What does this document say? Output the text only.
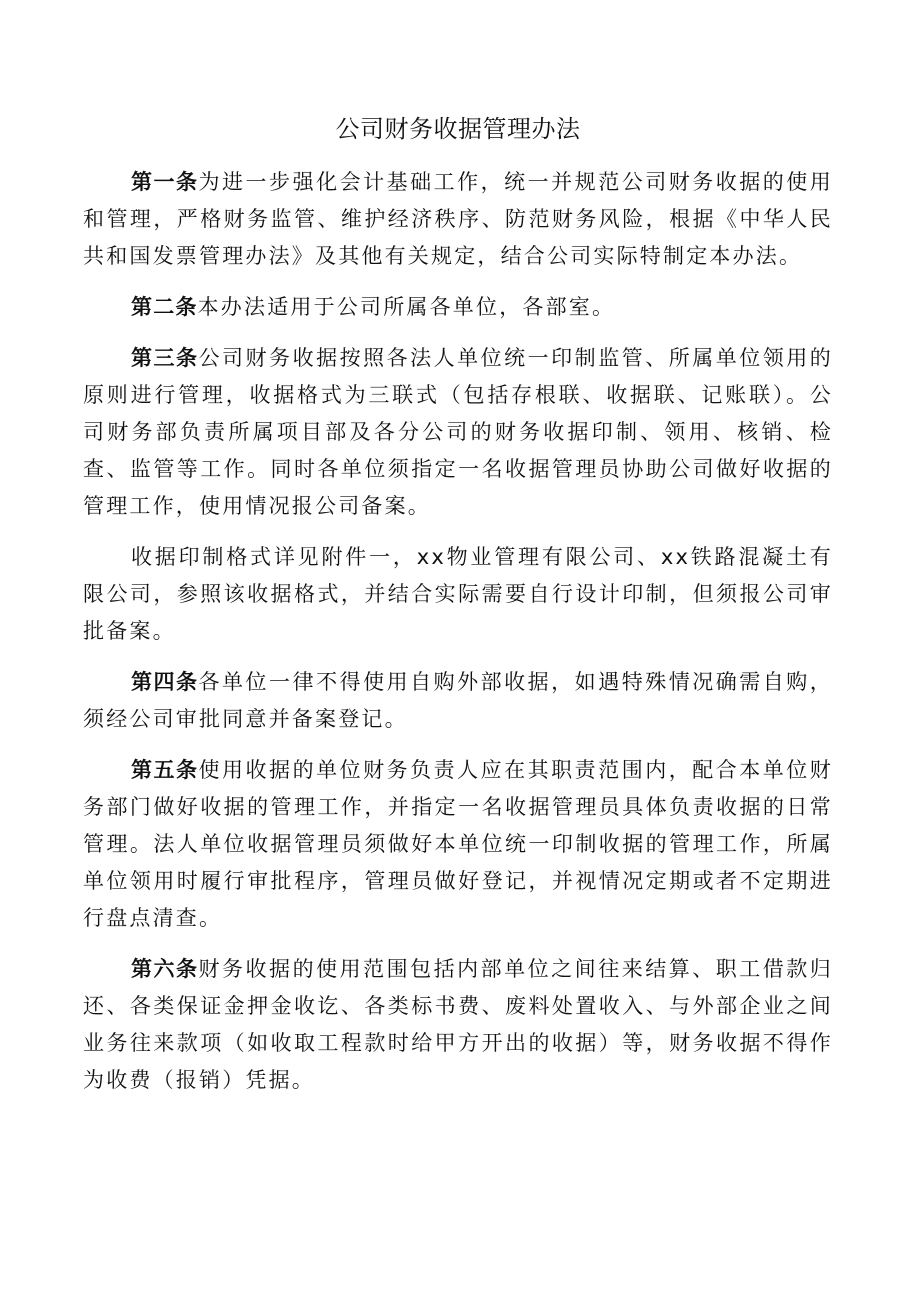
公司财务收据管理办法

第一条为进一步强化会计基础工作，统一并规范公司财务收据的使用和管理，严格财务监管、维护经济秩序、防范财务风险，根据《中华人民共和国发票管理办法》及其他有关规定，结合公司实际特制定本办法。

第二条本办法适用于公司所属各单位，各部室。

第三条公司财务收据按照各法人单位统一印制监管、所属单位领用的原则进行管理，收据格式为三联式（包括存根联、收据联、记账联）。公司财务部负责所属项目部及各分公司的财务收据印制、领用、核销、检查、监管等工作。同时各单位须指定一名收据管理员协助公司做好收据的管理工作，使用情况报公司备案。

收据印制格式详见附件一，xx物业管理有限公司、xx铁路混凝土有限公司，参照该收据格式，并结合实际需要自行设计印制，但须报公司审批备案。

第四条各单位一律不得使用自购外部收据，如遇特殊情况确需自购，须经公司审批同意并备案登记。

第五条使用收据的单位财务负责人应在其职责范围内，配合本单位财务部门做好收据的管理工作，并指定一名收据管理员具体负责收据的日常管理。法人单位收据管理员须做好本单位统一印制收据的管理工作，所属单位领用时履行审批程序，管理员做好登记，并视情况定期或者不定期进行盘点清查。

第六条财务收据的使用范围包括内部单位之间往来结算、职工借款归还、各类保证金押金收讫、各类标书费、废料处置收入、与外部企业之间业务往来款项（如收取工程款时给甲方开出的收据）等，财务收据不得作为收费（报销）凭据。
